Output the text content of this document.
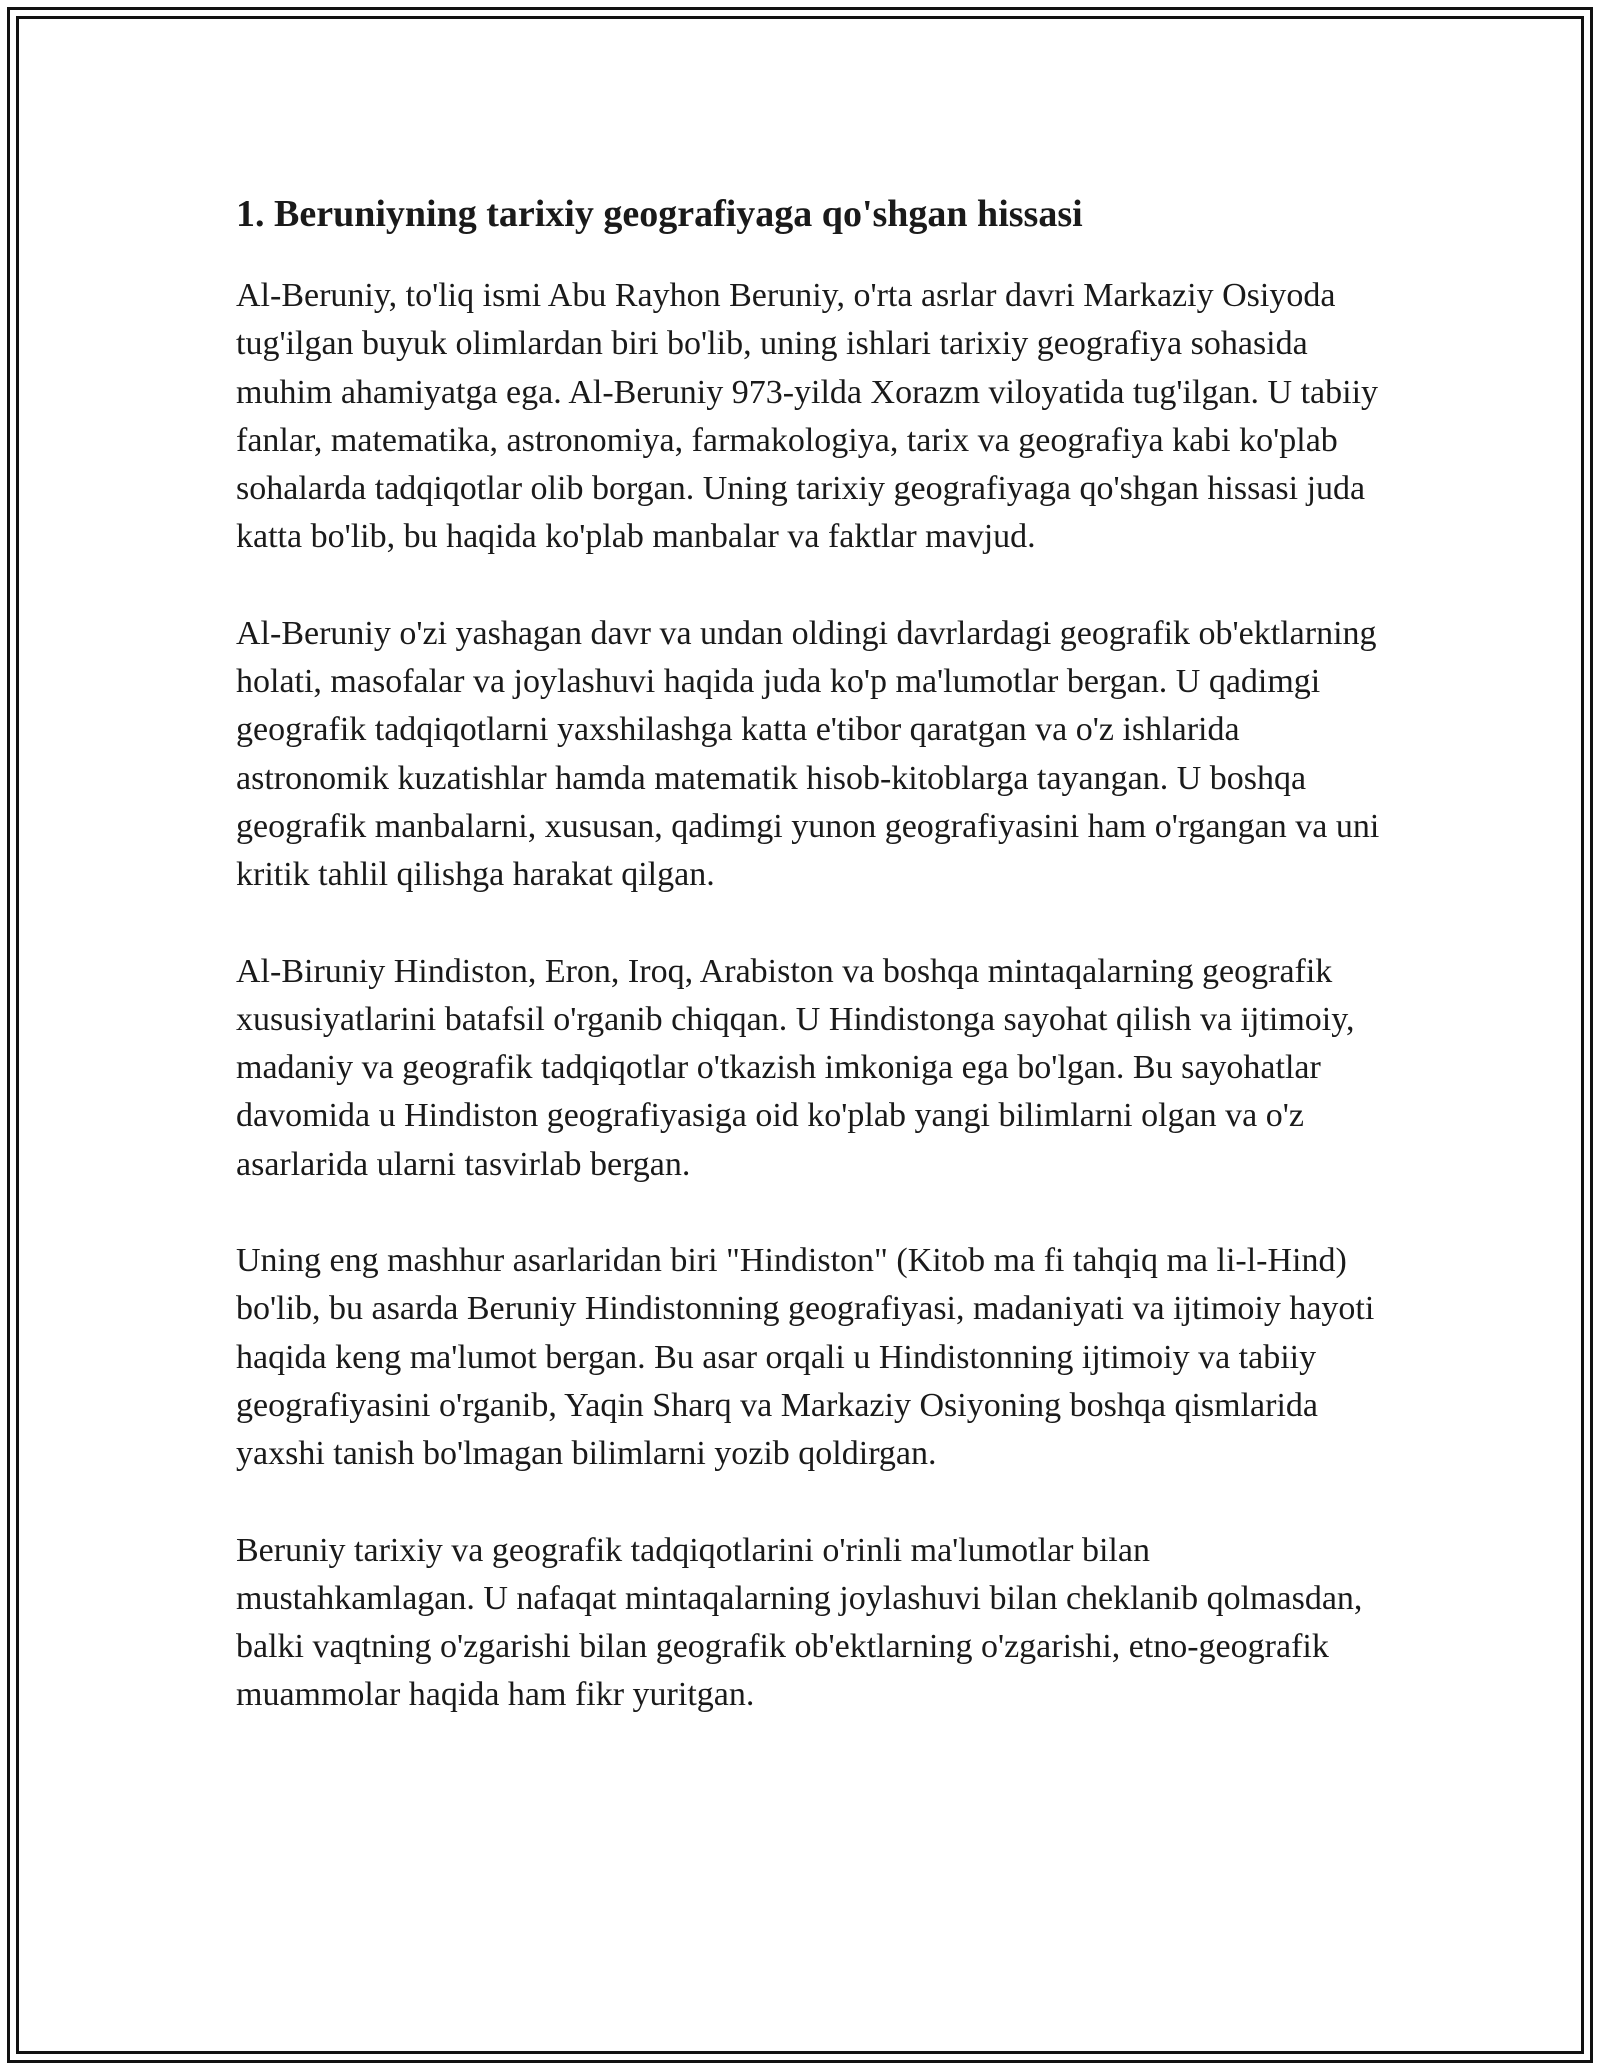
1. Beruniyning tarixiy geografiyaga qo'shgan hissasi

Al-Beruniy, to'liq ismi Abu Rayhon Beruniy, o'rta asrlar davri Markaziy Osiyoda tug'ilgan buyuk olimlardan biri bo'lib, uning ishlari tarixiy geografiya sohasida muhim ahamiyatga ega. Al-Beruniy 973-yilda Xorazm viloyatida tug'ilgan. U tabiiy fanlar, matematika, astronomiya, farmakologiya, tarix va geografiya kabi ko'plab sohalarda tadqiqotlar olib borgan. Uning tarixiy geografiyaga qo'shgan hissasi juda katta bo'lib, bu haqida ko'plab manbalar va faktlar mavjud.

Al-Beruniy o'zi yashagan davr va undan oldingi davrlardagi geografik ob'ektlarning holati, masofalar va joylashuvi haqida juda ko'p ma'lumotlar bergan. U qadimgi geografik tadqiqotlarni yaxshilashga katta e'tibor qaratgan va o'z ishlarida astronomik kuzatishlar hamda matematik hisob-kitoblarga tayangan. U boshqa geografik manbalarni, xususan, qadimgi yunon geografiyasini ham o'rgangan va uni kritik tahlil qilishga harakat qilgan.

Al-Biruniy Hindiston, Eron, Iroq, Arabiston va boshqa mintaqalarning geografik xususiyatlarini batafsil o'rganib chiqqan. U Hindistonga sayohat qilish va ijtimoiy, madaniy va geografik tadqiqotlar o'tkazish imkoniga ega bo'lgan. Bu sayohatlar davomida u Hindiston geografiyasiga oid ko'plab yangi bilimlarni olgan va o'z asarlarida ularni tasvirlab bergan.

Uning eng mashhur asarlaridan biri "Hindiston" (Kitob ma fi tahqiq ma li-l-Hind) bo'lib, bu asarda Beruniy Hindistonning geografiyasi, madaniyati va ijtimoiy hayoti haqida keng ma'lumot bergan. Bu asar orqali u Hindistonning ijtimoiy va tabiiy geografiyasini o'rganib, Yaqin Sharq va Markaziy Osiyoning boshqa qismlarida yaxshi tanish bo'lmagan bilimlarni yozib qoldirgan.

Beruniy tarixiy va geografik tadqiqotlarini o'rinli ma'lumotlar bilan mustahkamlagan. U nafaqat mintaqalarning joylashuvi bilan cheklanib qolmasdan, balki vaqtning o'zgarishi bilan geografik ob'ektlarning o'zgarishi, etno-geografik muammolar haqida ham fikr yuritgan.
